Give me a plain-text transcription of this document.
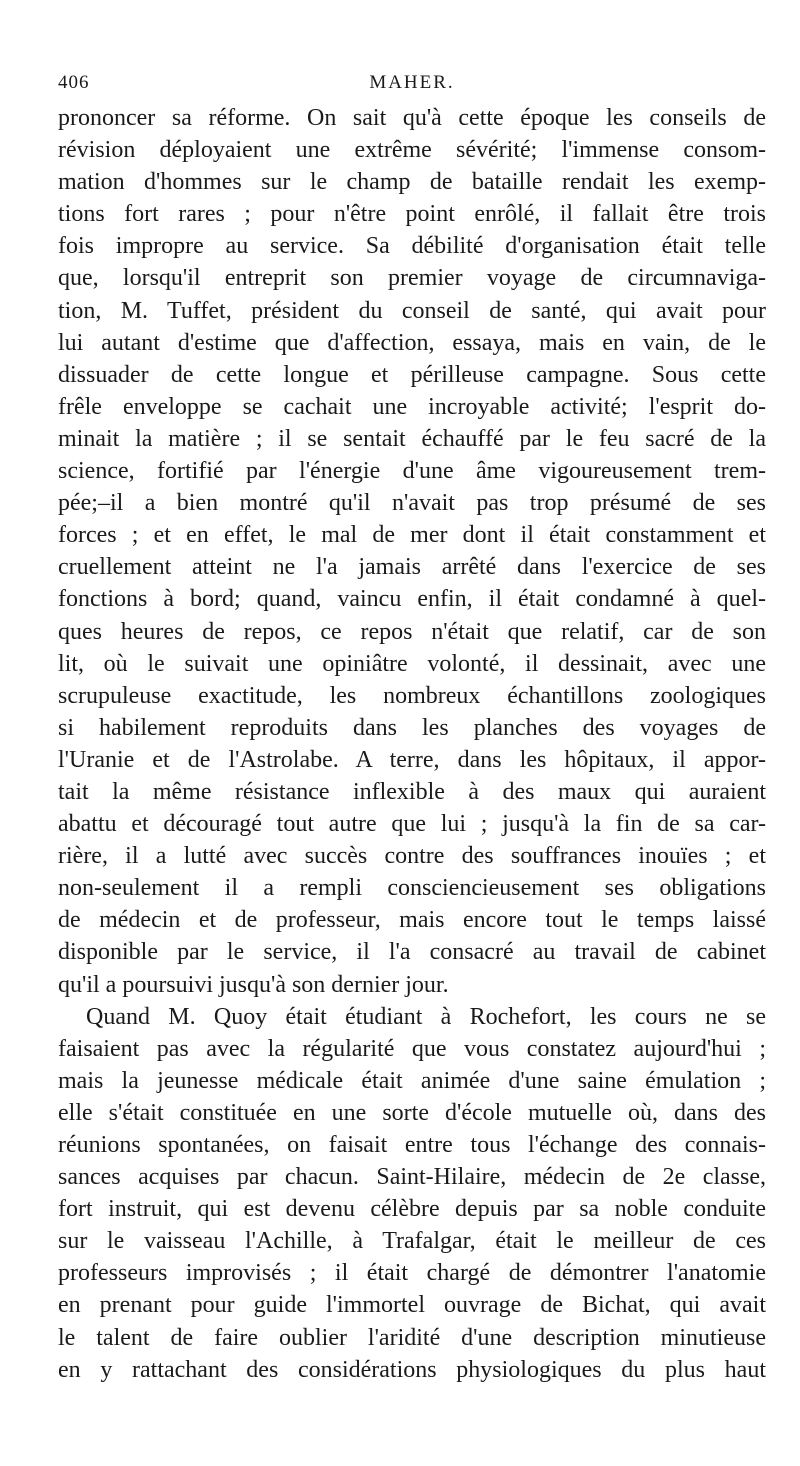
406	MAHER.
prononcer sa réforme. On sait qu'à cette époque les conseils de
révision déployaient une extrême sévérité; l'immense consom-
mation d'hommes sur le champ de bataille rendait les exemp-
tions fort rares ; pour n'être point enrôlé, il fallait être trois
fois impropre au service. Sa débilité d'organisation était telle
que, lorsqu'il entreprit son premier voyage de circumnaviga-
tion, M. Tuffet, président du conseil de santé, qui avait pour
lui autant d'estime que d'affection, essaya, mais en vain, de le
dissuader de cette longue et périlleuse campagne. Sous cette
frêle enveloppe se cachait une incroyable activité; l'esprit do-
minait la matière ; il se sentait échauffé par le feu sacré de la
science, fortifié par l'énergie d'une âme vigoureusement trem-
pée;–il a bien montré qu'il n'avait pas trop présumé de ses
forces ; et en effet, le mal de mer dont il était constamment et
cruellement atteint ne l'a jamais arrêté dans l'exercice de ses
fonctions à bord; quand, vaincu enfin, il était condamné à quel-
ques heures de repos, ce repos n'était que relatif, car de son
lit, où le suivait une opiniâtre volonté, il dessinait, avec une
scrupuleuse exactitude, les nombreux échantillons zoologiques
si habilement reproduits dans les planches des voyages de
l'Uranie et de l'Astrolabe. A terre, dans les hôpitaux, il appor-
tait la même résistance inflexible à des maux qui auraient
abattu et découragé tout autre que lui ; jusqu'à la fin de sa car-
rière, il a lutté avec succès contre des souffrances inouïes ; et
non-seulement il a rempli consciencieusement ses obligations
de médecin et de professeur, mais encore tout le temps laissé
disponible par le service, il l'a consacré au travail de cabinet
qu'il a poursuivi jusqu'à son dernier jour.
Quand M. Quoy était étudiant à Rochefort, les cours ne se
faisaient pas avec la régularité que vous constatez aujourd'hui ;
mais la jeunesse médicale était animée d'une saine émulation ;
elle s'était constituée en une sorte d'école mutuelle où, dans des
réunions spontanées, on faisait entre tous l'échange des connais-
sances acquises par chacun. Saint-Hilaire, médecin de 2e classe,
fort instruit, qui est devenu célèbre depuis par sa noble conduite
sur le vaisseau l'Achille, à Trafalgar, était le meilleur de ces
professeurs improvisés ; il était chargé de démontrer l'anatomie
en prenant pour guide l'immortel ouvrage de Bichat, qui avait
le talent de faire oublier l'aridité d'une description minutieuse
en y rattachant des considérations physiologiques du plus haut
